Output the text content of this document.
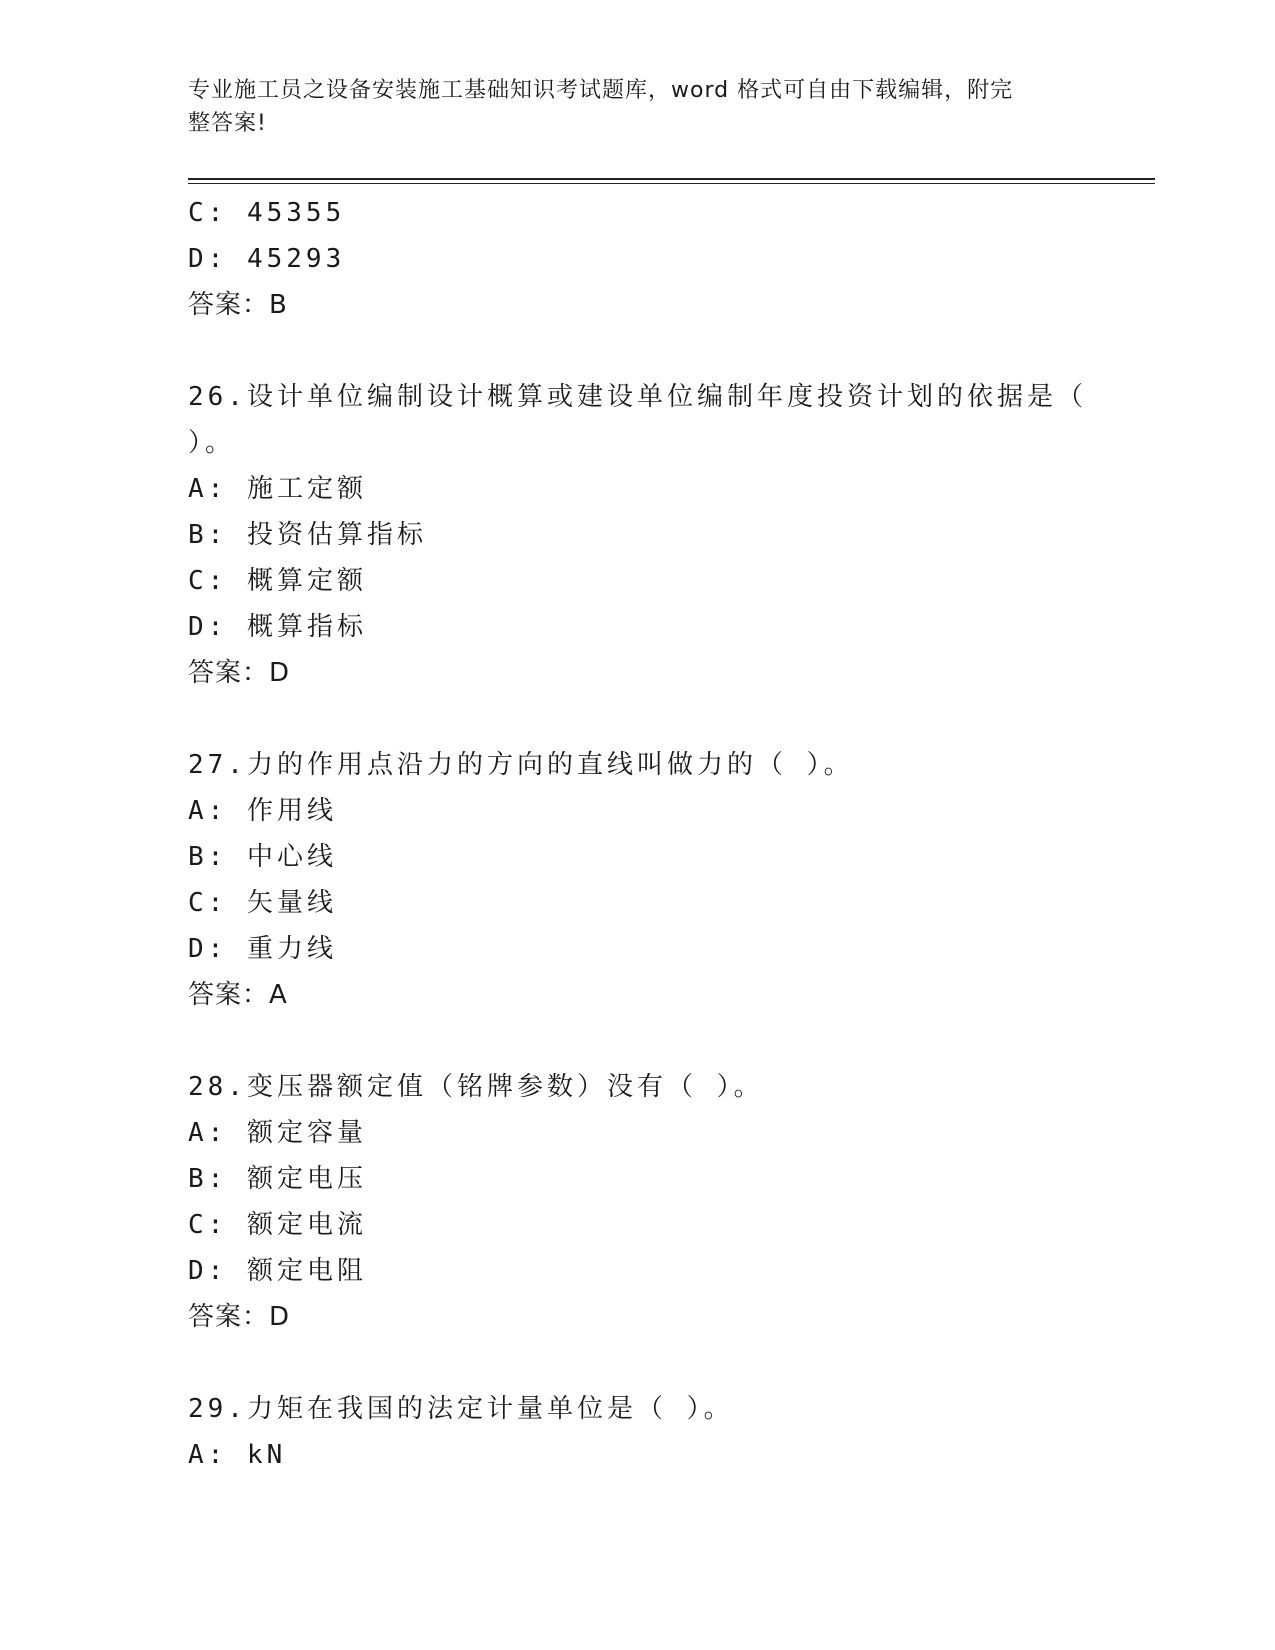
专业施工员之设备安装施工基础知识考试题库，word 格式可自由下载编辑，附完
整答案!
C: 45355
D: 45293
答案：B
26.设计单位编制设计概算或建设单位编制年度投资计划的依据是（
）。
A: 施工定额
B: 投资估算指标
C: 概算定额
D: 概算指标
答案：D
27.力的作用点沿力的方向的直线叫做力的（ ）。
A: 作用线
B: 中心线
C: 矢量线
D: 重力线
答案：A
28.变压器额定值（铭牌参数）没有（ ）。
A: 额定容量
B: 额定电压
C: 额定电流
D: 额定电阻
答案：D
29.力矩在我国的法定计量单位是（ ）。
A: kN
